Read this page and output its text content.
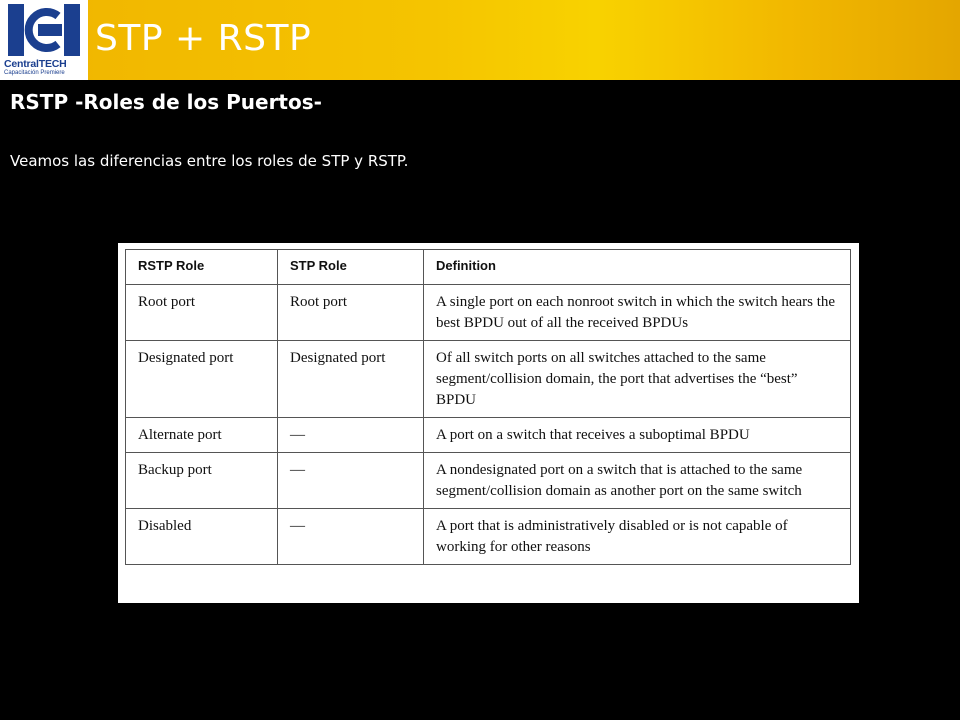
CentralTECH
Capacitación Premiere
STP + RSTP
RSTP -Roles de los Puertos-
Veamos las diferencias entre los roles de STP y RSTP.
RSTP Role	STP Role	Definition
Root port	Root port	A single port on each nonroot switch in which the switch hears the best BPDU out of all the received BPDUs
Designated port	Designated port	Of all switch ports on all switches attached to the same segment/collision domain, the port that advertises the “best” BPDU
Alternate port	—	A port on a switch that receives a suboptimal BPDU
Backup port	—	A nondesignated port on a switch that is attached to the same segment/collision domain as another port on the same switch
Disabled	—	A port that is administratively disabled or is not capable of working for other reasons
